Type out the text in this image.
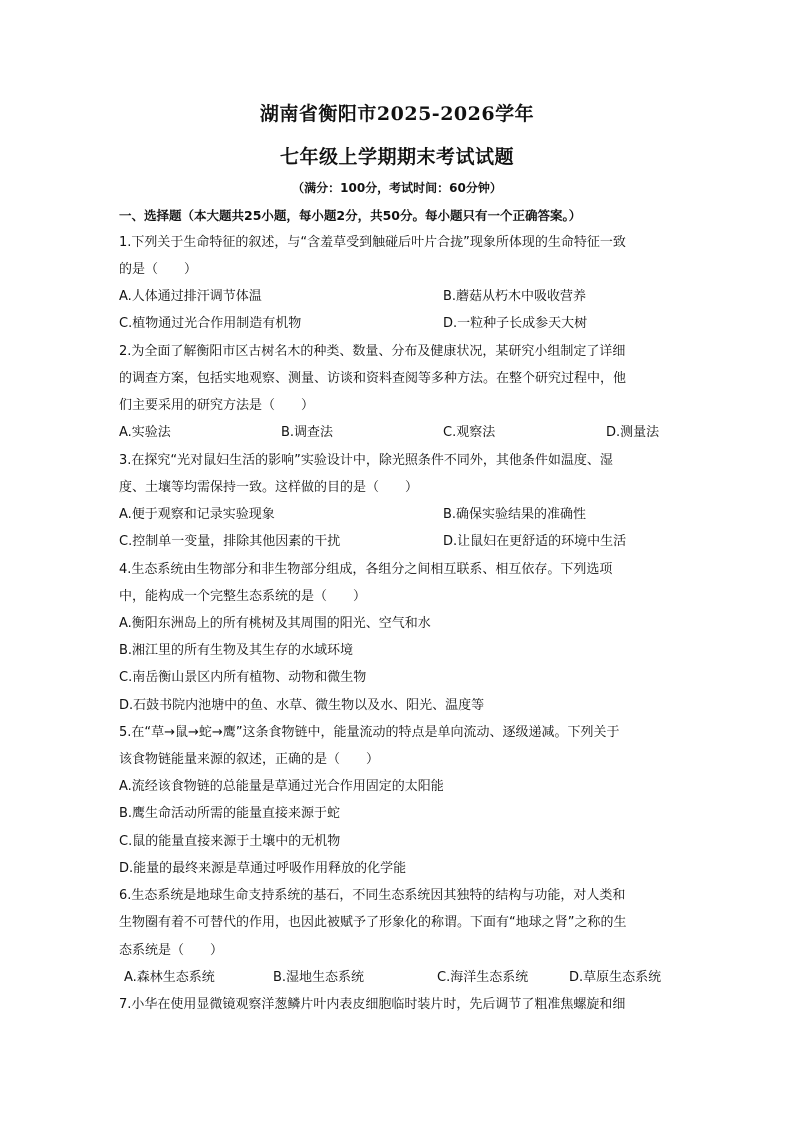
湖南省衡阳市2025-2026学年
七年级上学期期末考试试题
（满分：100分，考试时间：60分钟）
一、选择题（本大题共25小题，每小题2分，共50分。每小题只有一个正确答案。）
1.下列关于生命特征的叙述，与“含羞草受到触碰后叶片合拢”现象所体现的生命特征一致
的是（　　）
A.人体通过排汗调节体温	B.蘑菇从朽木中吸收营养
C.植物通过光合作用制造有机物	D.一粒种子长成参天大树
2.为全面了解衡阳市区古树名木的种类、数量、分布及健康状况，某研究小组制定了详细
的调查方案，包括实地观察、测量、访谈和资料查阅等多种方法。在整个研究过程中，他
们主要采用的研究方法是（　　）
A.实验法	B.调查法	C.观察法	D.测量法
3.在探究“光对鼠妇生活的影响”实验设计中，除光照条件不同外，其他条件如温度、湿
度、土壤等均需保持一致。这样做的目的是（　　）
A.便于观察和记录实验现象	B.确保实验结果的准确性
C.控制单一变量，排除其他因素的干扰	D.让鼠妇在更舒适的环境中生活
4.生态系统由生物部分和非生物部分组成，各组分之间相互联系、相互依存。下列选项
中，能构成一个完整生态系统的是（　　）
A.衡阳东洲岛上的所有桃树及其周围的阳光、空气和水
B.湘江里的所有生物及其生存的水域环境
C.南岳衡山景区内所有植物、动物和微生物
D.石鼓书院内池塘中的鱼、水草、微生物以及水、阳光、温度等
5.在“草→鼠→蛇→鹰”这条食物链中，能量流动的特点是单向流动、逐级递减。下列关于
该食物链能量来源的叙述，正确的是（　　）
A.流经该食物链的总能量是草通过光合作用固定的太阳能
B.鹰生命活动所需的能量直接来源于蛇
C.鼠的能量直接来源于土壤中的无机物
D.能量的最终来源是草通过呼吸作用释放的化学能
6.生态系统是地球生命支持系统的基石，不同生态系统因其独特的结构与功能，对人类和
生物圈有着不可替代的作用，也因此被赋予了形象化的称谓。下面有“地球之肾”之称的生
态系统是（　　）
A.森林生态系统	B.湿地生态系统	C.海洋生态系统	D.草原生态系统
7.小华在使用显微镜观察洋葱鳞片叶内表皮细胞临时装片时，先后调节了粗准焦螺旋和细
